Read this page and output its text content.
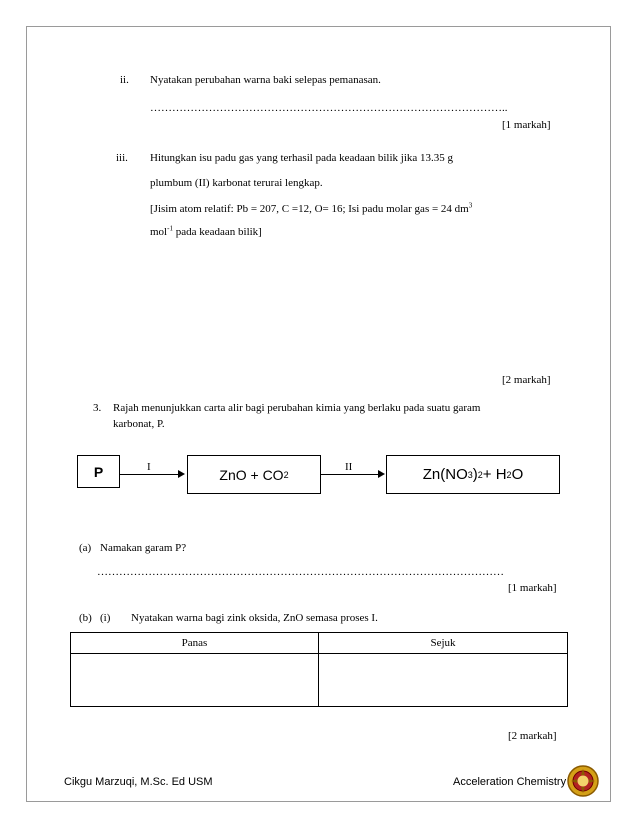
ii. Nyatakan perubahan warna baki selepas pemanasan.
……………………………………………………………………………………..
[1 markah]
iii. Hitungkan isu padu gas yang terhasil pada keadaan bilik jika 13.35 g
plumbum (II) karbonat terurai lengkap.
[Jisim atom relatif: Pb = 207, C =12, O= 16; Isi padu molar gas = 24 $dm^3$
mol$^{-1}$ pada keadaan bilik]
[2 markah]
3. Rajah menunjukkan carta alir bagi perubahan kimia yang berlaku pada suatu garam
karbonat, P.
P	I	ZnO + CO 2
II	Zn(NO 3 ) 2 + H 2 O
(a) Namakan garam P?
…………………………………………………………………………………………………
[1 markah]
(b) (i) Nyatakan warna bagi zink oksida, ZnO semasa proses I.
Panas	Sejuk

[2 markah]
Cikgu Marzuqi, M.Sc. Ed USM	Acceleration Chemistry
